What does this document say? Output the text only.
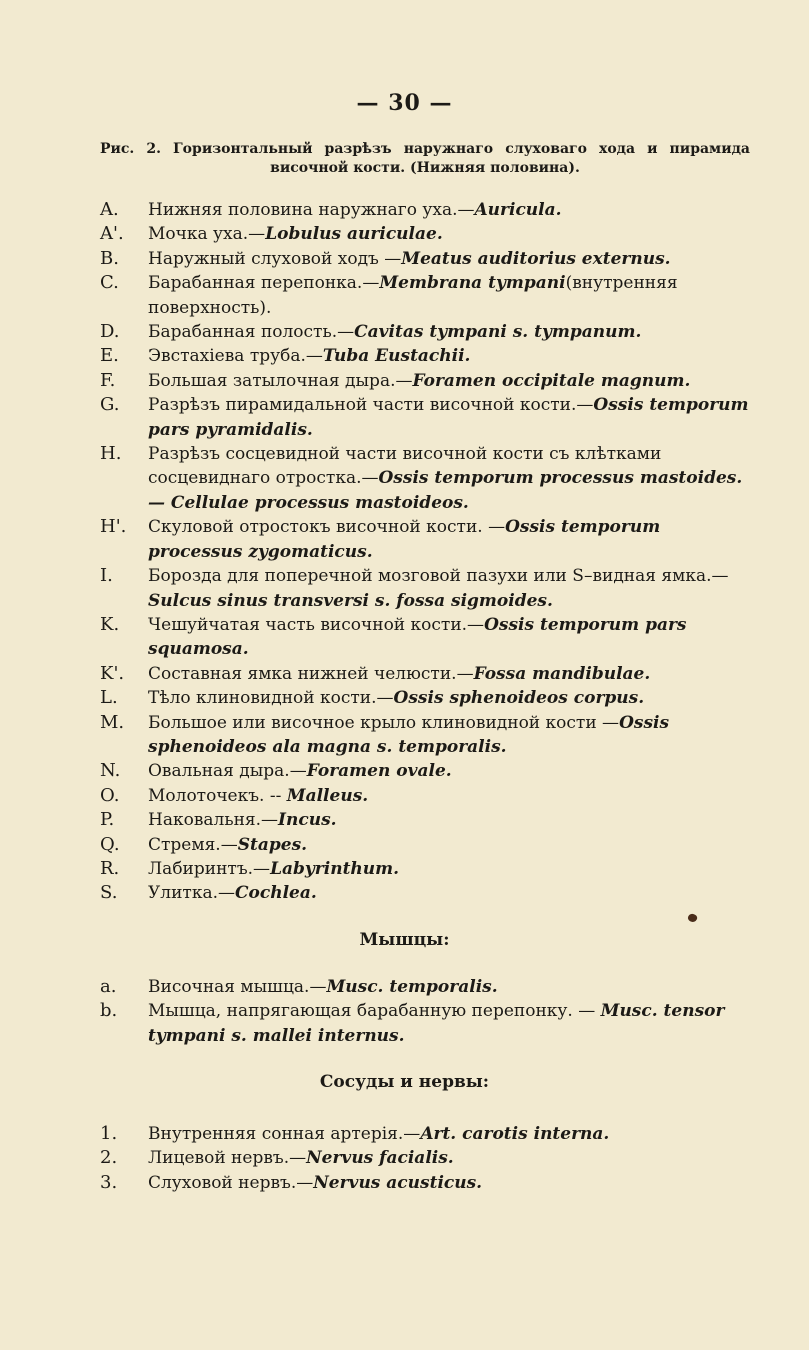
— 30 —
Рис. 2. Горизонтальный разрѣзъ наружнаго слуховаго хода и пирамида височной кости. (Нижняя половина).
A.	Нижняя половина наружнаго уха.—Auricula.
A'.	Мочка уха.—Lobulus auriculae.
B.	Наружный слуховой ходъ —Meatus auditorius externus.
C.	Барабанная перепонка.—Membrana tympani(внутренняя поверхность).
D.	Барабанная полость.—Cavitas tympani s. tympanum.
E.	Эвстахіева труба.—Tuba Eustachii.
F.	Большая затылочная дыра.—Foramen occipitale magnum.
G.	Разрѣзъ пирамидальной части височной кости.—Ossis temporum pars pyramidalis.
H.	Разрѣзъ сосцевидной части височной кости съ клѣтками сосцевиднаго отростка.—Ossis temporum processus mastoides. — Cellulae processus mastoideos.
H'.	Скуловой отростокъ височной кости. —Ossis temporum processus zygomaticus.
I.	Борозда для поперечной мозговой пазухи или S–видная ямка.—Sulcus sinus transversi s. fossa sigmoides.
K.	Чешуйчатая часть височной кости.—Ossis temporum pars squamosa.
K'.	Составная ямка нижней челюсти.—Fossa mandibulae.
L.	Тѣло клиновидной кости.—Ossis sphenoideos corpus.
M.	Большое или височное крыло клиновидной кости —Ossis sphenoideos ala magna s. temporalis.
N.	Овальная дыра.—Foramen ovale.
O.	Молоточекъ. -- Malleus.
P.	Наковальня.—Incus.
Q.	Стремя.—Stapes.
R.	Лабиринтъ.—Labyrinthum.
S.	Улитка.—Cochlea.
Мышцы:
a.	Височная мышца.—Musc. temporalis.
b.	Мышца, напрягающая барабанную перепонку. — Musc. tensor tympani s. mallei internus.
Сосуды и нервы:
1.	Внутренняя сонная артерія.—Art. carotis interna.
2.	Лицевой нервъ.—Nervus facialis.
3.	Слуховой нервъ.—Nervus acusticus.
